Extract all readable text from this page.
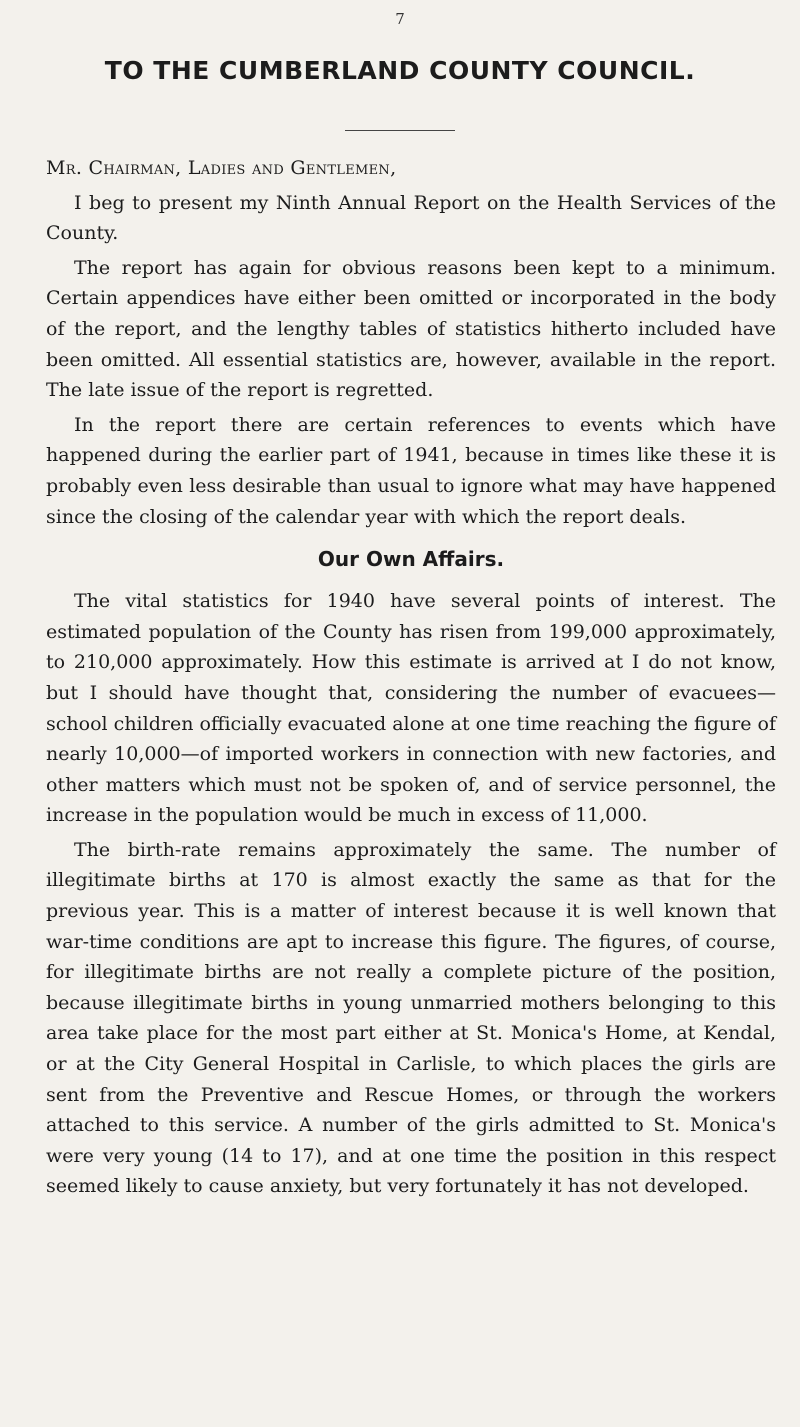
7
TO THE CUMBERLAND COUNTY COUNCIL.

Mr. Chairman, Ladies and Gentlemen,

I beg to present my Ninth Annual Report on the Health Services of the County.

The report has again for obvious reasons been kept to a minimum. Certain appendices have either been omitted or incorporated in the body of the report, and the lengthy tables of statistics hitherto included have been omitted. All essential statistics are, however, available in the report. The late issue of the report is regretted.

In the report there are certain references to events which have happened during the earlier part of 1941, because in times like these it is probably even less desirable than usual to ignore what may have happened since the closing of the calendar year with which the report deals.

Our Own Affairs.

The vital statistics for 1940 have several points of interest. The estimated population of the County has risen from 199,000 approximately, to 210,000 approximately. How this estimate is arrived at I do not know, but I should have thought that, considering the number of evacuees—school children officially evacuated alone at one time reaching the figure of nearly 10,000—of imported workers in connection with new factories, and other matters which must not be spoken of, and of service personnel, the increase in the population would be much in excess of 11,000.

The birth-rate remains approximately the same. The number of illegitimate births at 170 is almost exactly the same as that for the previous year. This is a matter of interest because it is well known that war-time conditions are apt to increase this figure. The figures, of course, for illegitimate births are not really a complete picture of the position, because illegitimate births in young unmarried mothers belonging to this area take place for the most part either at St. Monica's Home, at Kendal, or at the City General Hospital in Carlisle, to which places the girls are sent from the Preventive and Rescue Homes, or through the workers attached to this service. A number of the girls admitted to St. Monica's were very young (14 to 17), and at one time the position in this respect seemed likely to cause anxiety, but very fortunately it has not developed.
